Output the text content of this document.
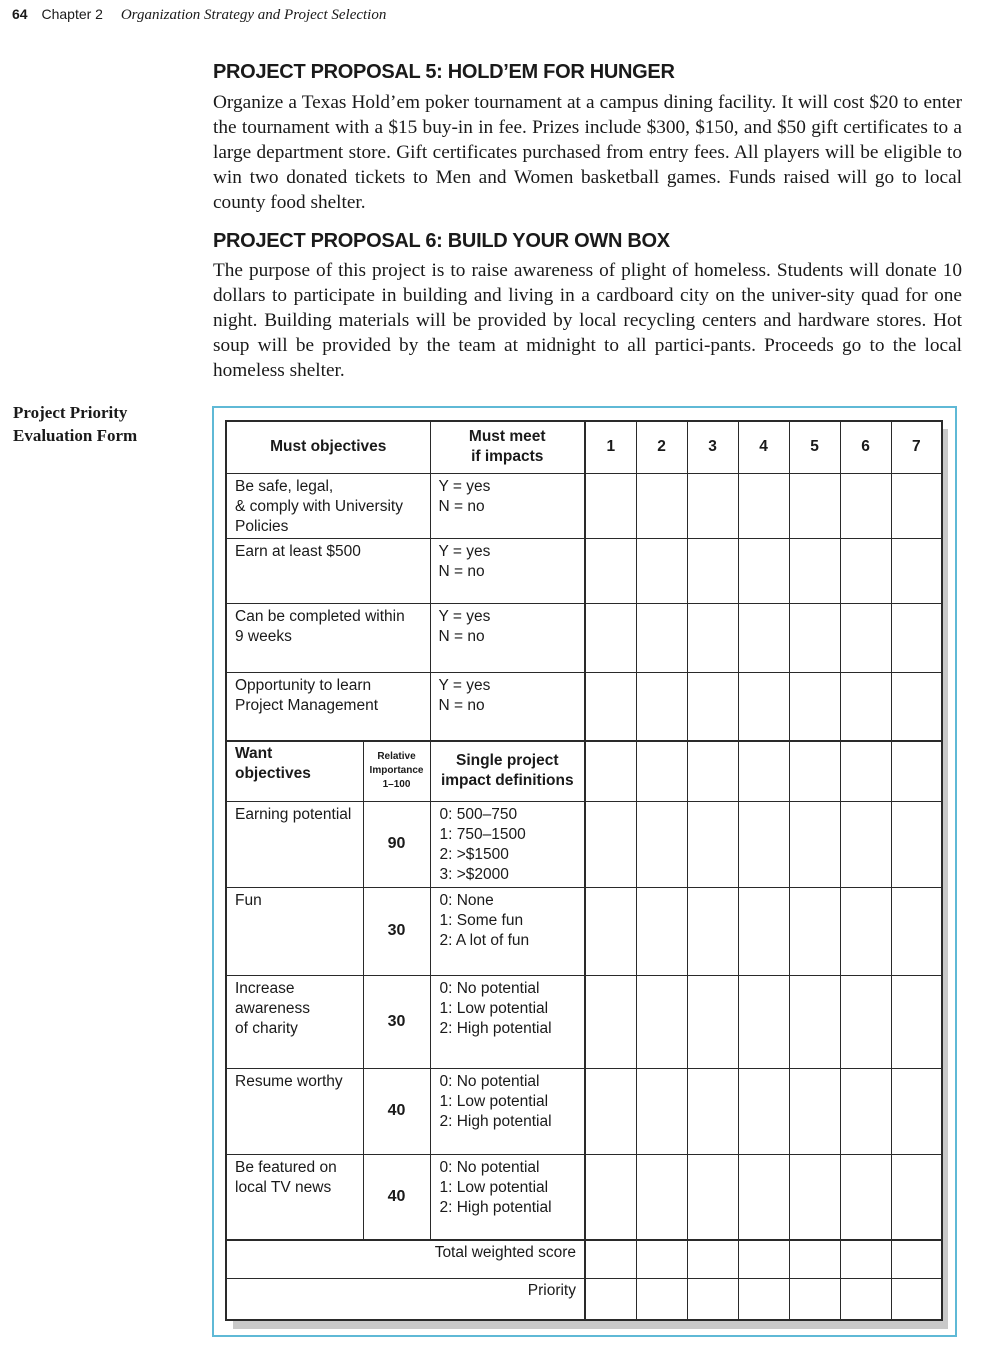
64 Chapter 2 Organization Strategy and Project Selection
PROJECT PROPOSAL 5: HOLD’EM FOR HUNGER

Organize a Texas Hold’em poker tournament at a campus dining facility. It will cost $20 to enter the tournament with a $15 buy-in in fee. Prizes include $300, $150, and $50 gift certificates to a large department store. Gift certificates purchased from entry fees. All players will be eligible to win two donated tickets to Men and Women basketball games. Funds raised will go to local county food shelter.

PROJECT PROPOSAL 6: BUILD YOUR OWN BOX

The purpose of this project is to raise awareness of plight of homeless. Students will donate 10 dollars to participate in building and living in a cardboard city on the univer-sity quad for one night. Building materials will be provided by local recycling centers and hardware stores. Hot soup will be provided by the team at midnight to all partici-pants. Proceeds go to the local homeless shelter.

Project Priority
Evaluation Form
Must objectives		Must meet
if impacts	1	2	3	4	5	6	7

Be safe, legal,
& comply with University
Policies		Y = yes
N = no							

Earn at least $500		Y = yes
N = no							

Can be completed within
9 weeks		Y = yes
N = no							

Opportunity to learn
Project Management		Y = yes
N = no							

Want
objectives	Relative
Importance
1–100	Single project
impact definitions							

Earning potential	90	0: 500–750
1: 750–1500
2: >$1500
3: >$2000							

Fun	30	0: None
1: Some fun
2: A lot of fun							

Increase
awareness
of charity	30	0: No potential
1: Low potential
2: High potential							

Resume worthy	40	0: No potential
1: Low potential
2: High potential							

Be featured on
local TV news	40	0: No potential
1: Low potential
2: High potential							

Total weighted score									
Priority									
